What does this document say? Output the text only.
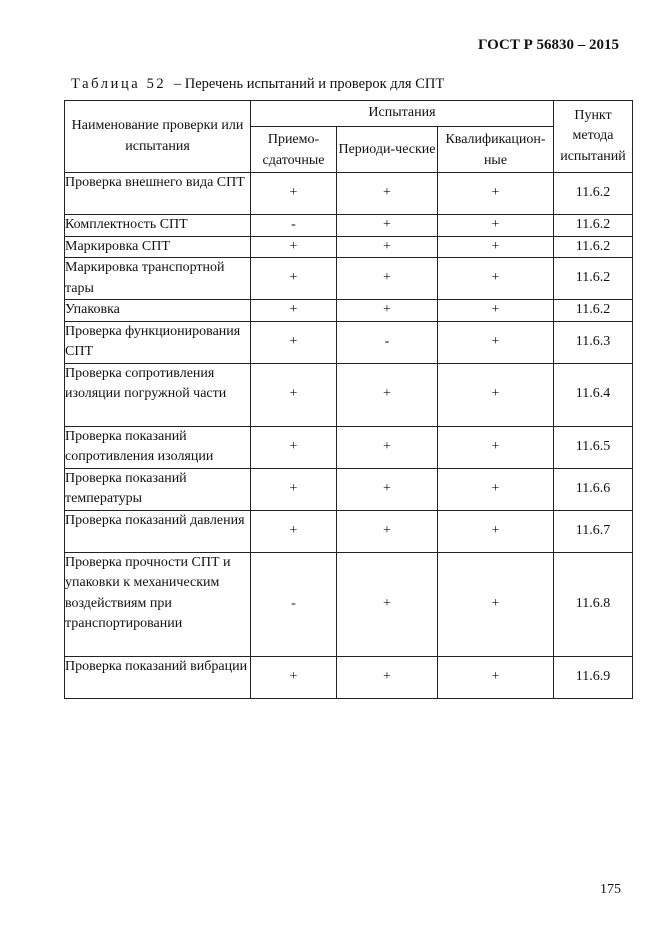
ГОСТ Р 56830 – 2015
Таблица 52 – Перечень испытаний и проверок для СПТ
Наименование проверки или испытания	Испытания			Пункт метода испытаний
	Приемо-сдаточные	Периоди-ческие	Квалификацион-ные	
Проверка внешнего вида СПТ	+	+	+	11.6.2
Комплектность СПТ	-	+	+	11.6.2
Маркировка СПТ	+	+	+	11.6.2
Маркировка транспортной тары	+	+	+	11.6.2
Упаковка	+	+	+	11.6.2
Проверка функционирования СПТ	+	-	+	11.6.3
Проверка сопротивления изоляции погружной части	+	+	+	11.6.4
Проверка показаний сопротивления изоляции	+	+	+	11.6.5
Проверка показаний температуры	+	+	+	11.6.6
Проверка показаний давления	+	+	+	11.6.7
Проверка прочности СПТ и упаковки к механическим воздействиям при транспортировании	-	+	+	11.6.8
Проверка показаний вибрации	+	+	+	11.6.9
175
